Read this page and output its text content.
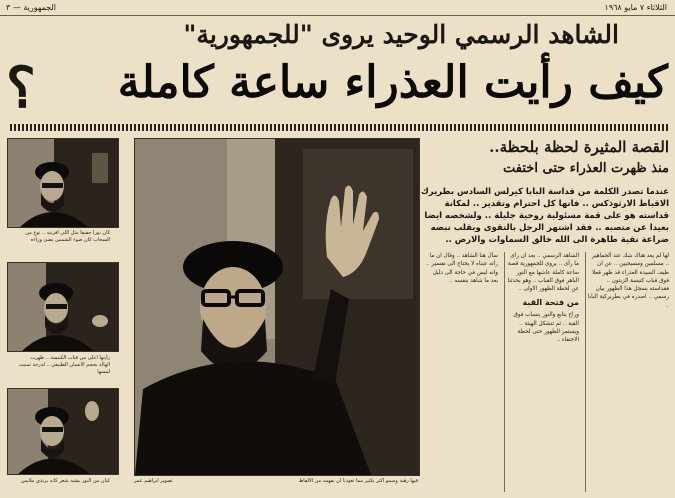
الجمهورية — ٣	الثلاثاء ٧ مايو ١٩٦٨
الشاهد الرسمي الوحيد يروى "للجمهورية"
كيف رأيت العذراء ساعة كاملة
؟
كان نورا خفيفا مثل اللي افرتيه .. نوع من السحاب كان ضوء الشمس يضئ وراءه
رأيتها اعلى من قباب الكنيسة .. ظهرت الهالة بحجم الانسان الطبيعي .. لدرجة تمنيت لمسها
كيان من النور بشبه شعر كانه يرتدي ملابس	فيها رهبة وسمو اكثر بكثير مما تعودنا ان نفهمه من الالفاظ
تصوير ابراهيم عمر
القصة المثيرة لحظة بلحظة..
منذ ظهرت العذراء حتى اختفت
عندما تصدر الكلمة من قداسة البابا كيرلس السادس بطريرك الاقباط الارثوذكس .. فانها كل احترام وتقدير .. لمكانة قداسته هو على قمة مسئولية روحية جليلة .. ولشخصه ايضا بعيدا عن منصبه .. فقد اشتهر الرجل بالتقوى وبقلب نبضه ضراعة نقية طاهرة الى الله خالق السماوات والارض ..
لها لم يعد هناك شك عند الجماهير .. مسلمين ومسيحيين .. عن ان طيف السيدة العذراء قد ظهر فعلا فوق قباب كنيسة الزيتون .. فقداسته بسجل هذا الظهور بيان رسمي .. اصدره في بطريركية البابا ..
الشاهد الرسمي .. بعد ان رأى ما رأى .. يروى للجمهورية قصة ساعة كاملة عاشها مع النور الباهر فوق القباب .. وهو يحدثنا عن لحظة الظهور الاولى ..
من فتحة القبة
وراح يتابع والنور ينساب فوق القبة .. ثم تتشكل الهيئة .. ويستمر الظهور حتى لحظة الاختفاء ..
سأل هنا الشاهد .. وقال ان ما رأته عيناه لا يحتاج الى تفسير .. وانه ليس في حاجة الى دليل بعد ما شاهد بنفسه ..
